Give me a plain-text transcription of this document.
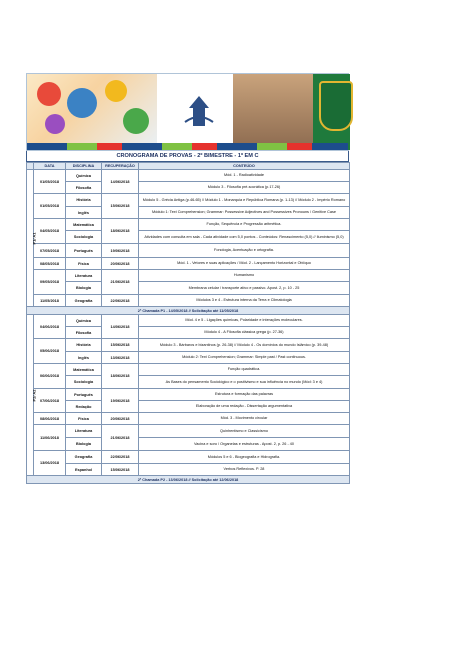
CRONOGRAMA DE PROVAS - 2º BIMESTRE - 1º EM C
	DATA	DISCIPLINA	RECUPERAÇÃO	CONTEÚDO
P1/ A1	01/05/2018	Química	14/06/2018	Mód. 1 - Radioatividade
		Filosofia		Módulo 3 - Filosofia pré-socrática (p.17-26)
	01/05/2018	História	15/06/2018	Módulo 5 - Grécia Antiga (p.46-65) // Módulo 1 - Monarquia e República Romana (p. 1-13) // Módulo 2 - Império Romano
		Inglês		Módulo 1: Text Comprehension; Grammar: Possessive Adjectives and Possessives Pronouns / Genitive Case
	04/05/2018	Matemática	18/06/2018	Função, Sequência e Progressão aritmética.
		Sociologia		Atividades com consulta em sala - Cada atividade com 5,0 pontos - Conteúdos: Renascimento (5,0) // Iluminismo (5,0)
	07/05/2018	Português	19/06/2018	Fonologia, Acentuação e ortografia.
	08/05/2018	Física	20/06/2018	Mód. 1 - Vetores e suas aplicações / Mód. 2 - Lançamento Horizontal e Oblíquo
	09/05/2018	Literatura	21/06/2018	Humanismo
		Biologia		Membrana celular / transporte ativo e passivo. Apost. 2, p. 10 - 25
	11/05/2018	Geografia	22/06/2018	Módulos 3 e 4 - Estrutura interna da Terra e Climatologia
2ª Chamada P1 - 14/05/2018 // Solicitação até 11/05/2018				
P2/ A2	04/06/2018	Química	14/06/2018	Mód. 4 e 5 - Ligações químicas, Polaridade e interações moleculares.
		Filosofia		Módulo 4 - A Filosofia clássica grega (p. 27-36)
	05/06/2018	História	15/06/2018	Módulo 3 - Bárbaros e bizantinos (p. 26-38) // Módulo 4 - Os domínios do mundo Islâmico (p. 39-48)
		Inglês	13/06/2018	Módulo 2: Text Comprehension; Grammar: Simple past / Past continuous.
	06/06/2018	Matemática	18/06/2018	Função quadrática.
		Sociologia		As Bases do pensamento Sociológico e o positivismo e sua influência no mundo (Mód: 3 e 4)
	07/06/2018	Português	19/06/2018	Estrutura e formação das palavras
		Redação		Elaboração de uma redação - Dissertação argumentativa
	08/06/2018	Física	20/06/2018	Mód. 3 - Movimento circular
	11/06/2018	Literatura	21/06/2018	Quinhentismo e Classicismo
		Biologia		Vacina e soro / Organelas e estruturas - Apost. 2, p. 26 - 40
	13/06/2018	Geografia	22/06/2018	Módulos 5 e 6 - Biogeografia e Hidrografia.
		Espanhol	15/06/2018	Verbos Reflexivos. P. 28
2ª Chamada P2 - 13/06/2018 // Solicitação até 12/06/2018				
